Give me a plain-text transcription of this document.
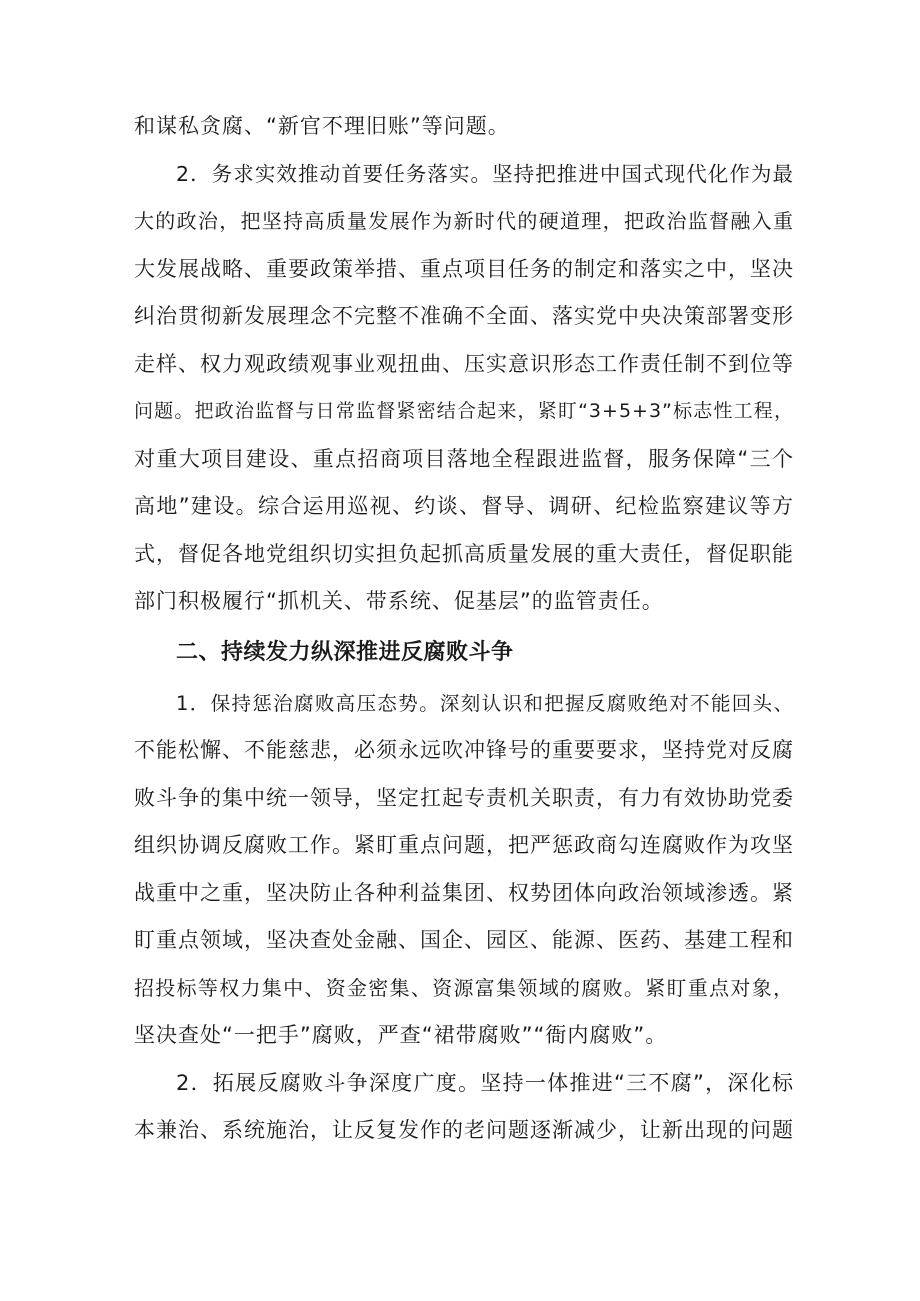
和谋私贪腐、“新官不理旧账”等问题。
2．务求实效推动首要任务落实。坚持把推进中国式现代化作为最
大的政治，把坚持高质量发展作为新时代的硬道理，把政治监督融入重
大发展战略、重要政策举措、重点项目任务的制定和落实之中，坚决
纠治贯彻新发展理念不完整不准确不全面、落实党中央决策部署变形
走样、权力观政绩观事业观扭曲、压实意识形态工作责任制不到位等
问题。把政治监督与日常监督紧密结合起来，紧盯“3+5+3”标志性工程，
对重大项目建设、重点招商项目落地全程跟进监督，服务保障“三个
高地”建设。综合运用巡视、约谈、督导、调研、纪检监察建议等方
式，督促各地党组织切实担负起抓高质量发展的重大责任，督促职能
部门积极履行“抓机关、带系统、促基层”的监管责任。
二、持续发力纵深推进反腐败斗争
1．保持惩治腐败高压态势。深刻认识和把握反腐败绝对不能回头、
不能松懈、不能慈悲，必须永远吹冲锋号的重要要求，坚持党对反腐
败斗争的集中统一领导，坚定扛起专责机关职责，有力有效协助党委
组织协调反腐败工作。紧盯重点问题，把严惩政商勾连腐败作为攻坚
战重中之重，坚决防止各种利益集团、权势团体向政治领域渗透。紧
盯重点领域，坚决查处金融、国企、园区、能源、医药、基建工程和
招投标等权力集中、资金密集、资源富集领域的腐败。紧盯重点对象，
坚决查处“一把手”腐败，严查“裙带腐败”“衙内腐败”。
2．拓展反腐败斗争深度广度。坚持一体推进“三不腐”，深化标
本兼治、系统施治，让反复发作的老问题逐渐减少，让新出现的问题
